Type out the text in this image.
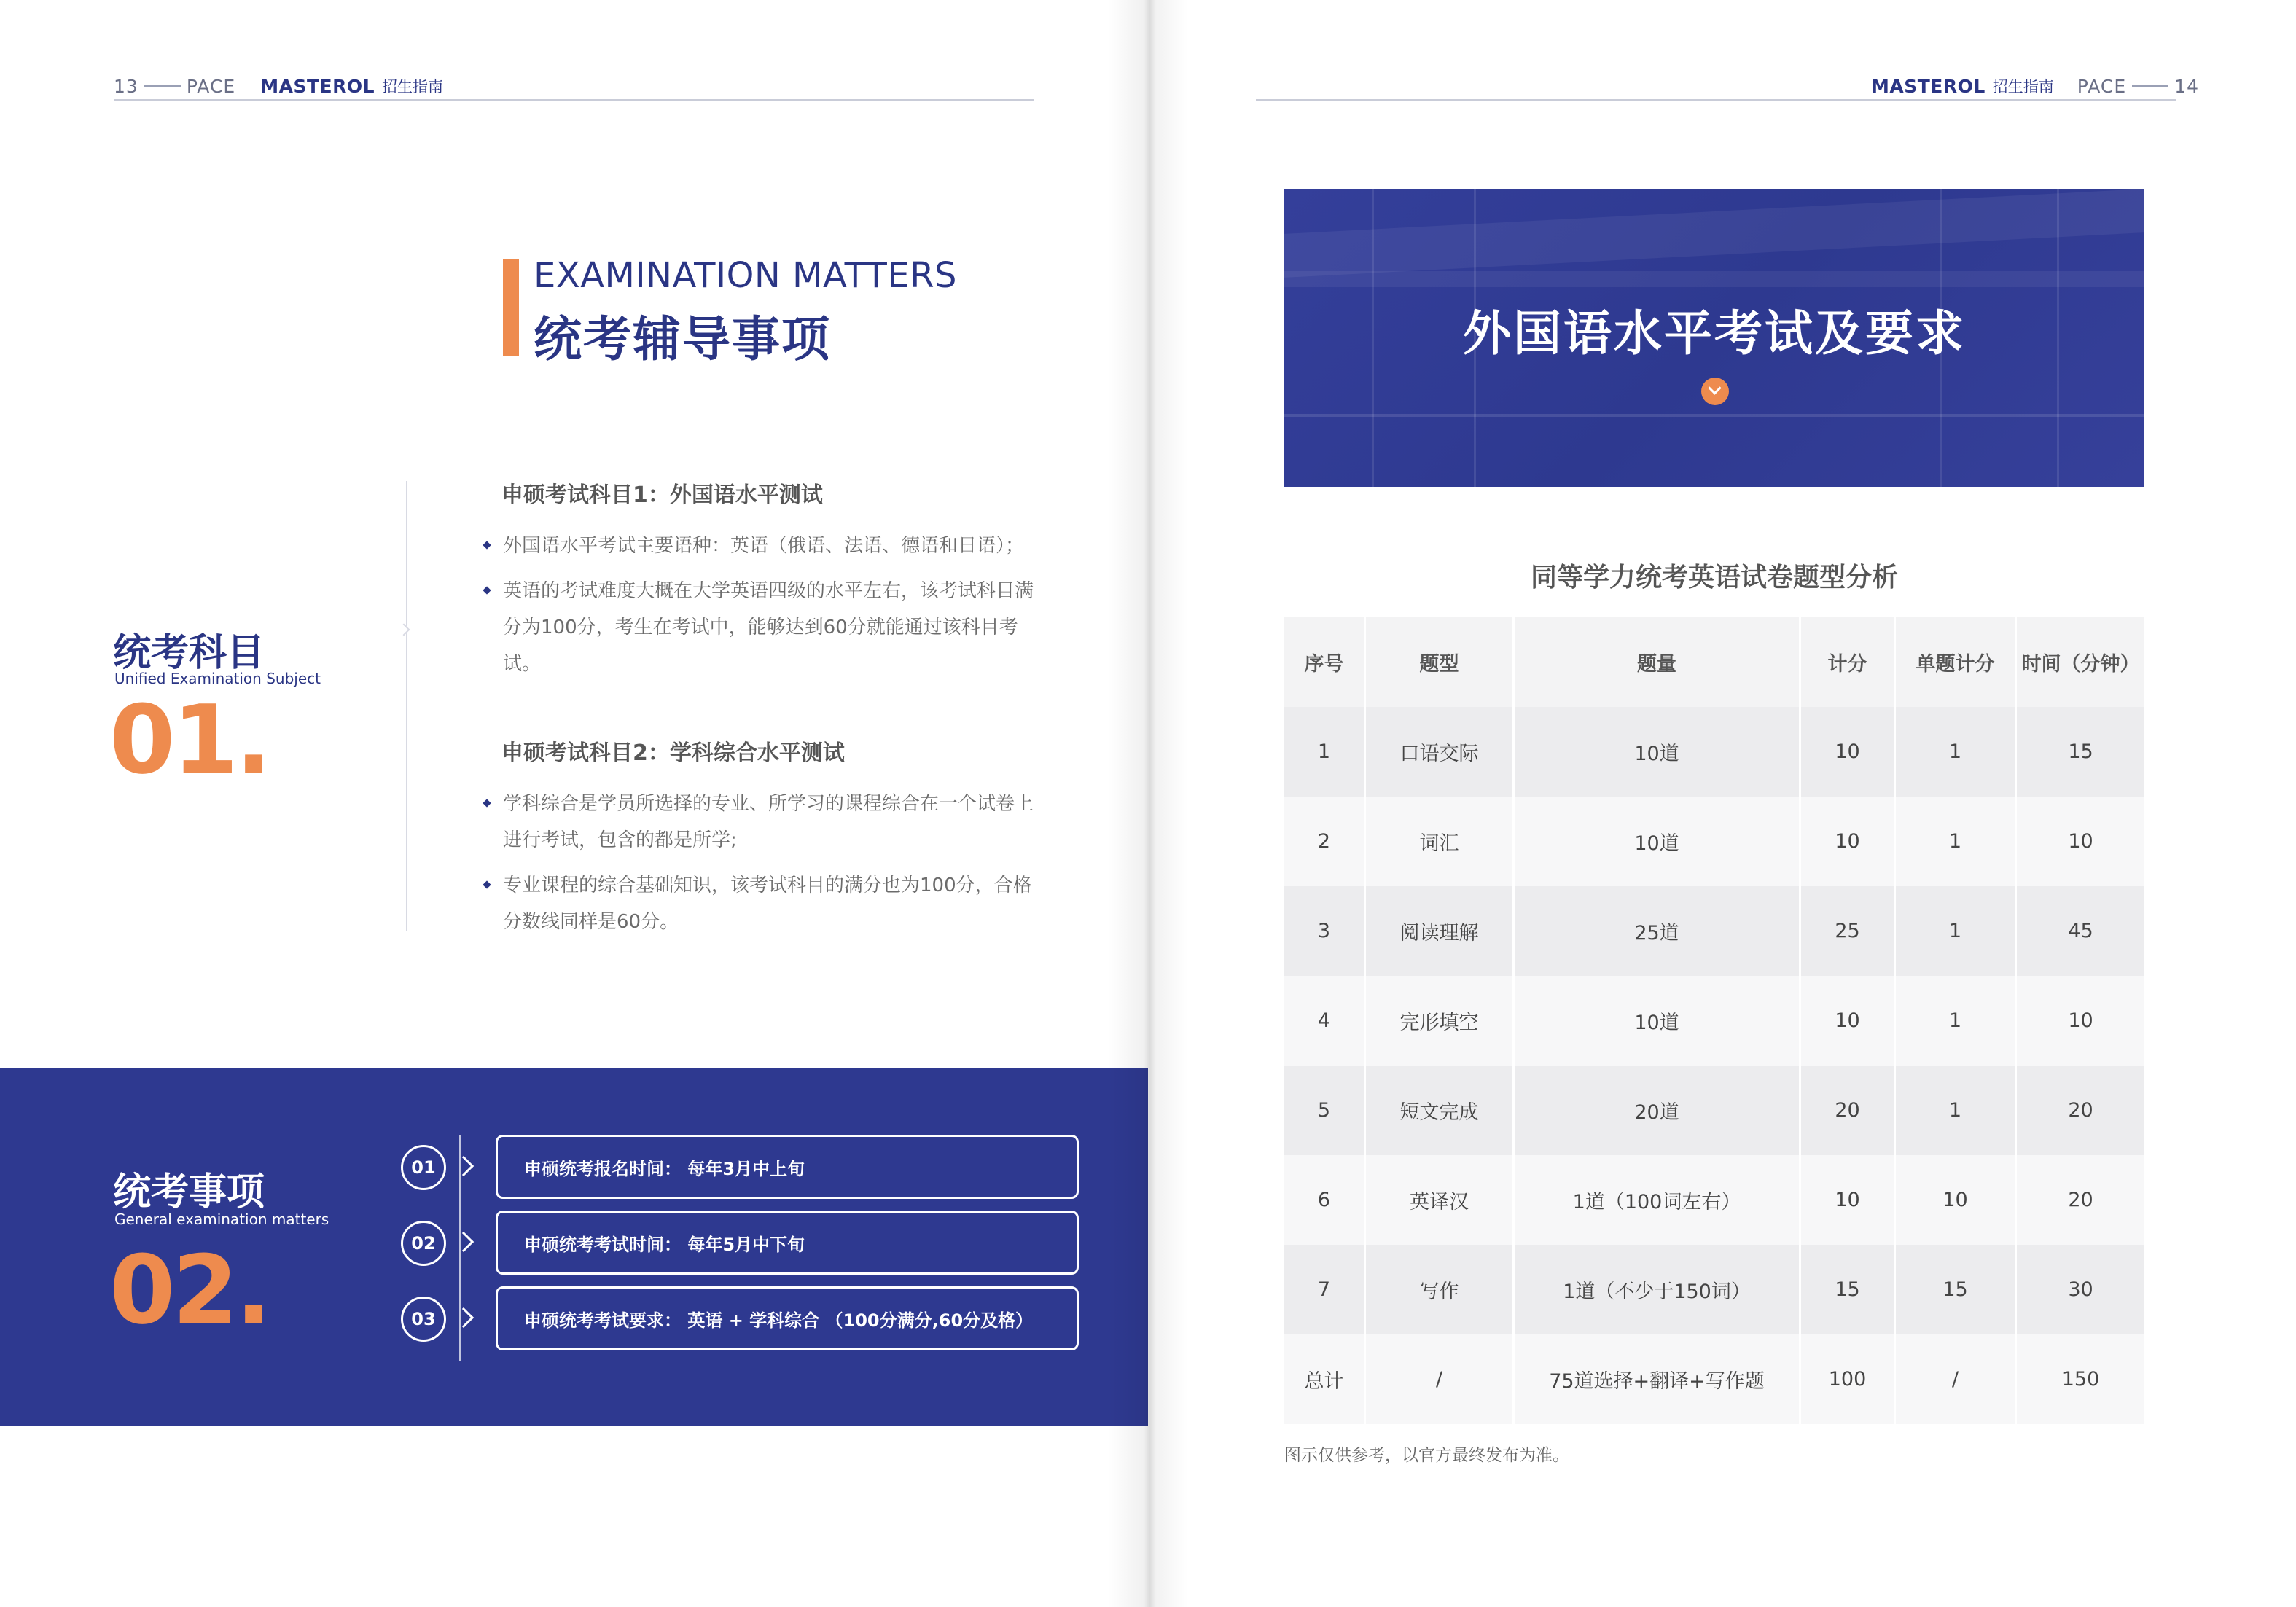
13	PACE MASTEROL 招生指南
EXAMINATION MATTERS
统考辅导事项
统考科目
Unified Examination Subject
01.
申硕考试科目1：外国语水平测试
外国语水平考试主要语种：英语（俄语、法语、德语和日语）；
英语的考试难度大概在大学英语四级的水平左右，该考试科目满分为100分，考生在考试中，能够达到60分就能通过该科目考试。
申硕考试科目2：学科综合水平测试
学科综合是学员所选择的专业、所学习的课程综合在一个试卷上进行考试，包含的都是所学;
专业课程的综合基础知识，该考试科目的满分也为100分，合格分数线同样是60分。
统考事项
General examination matters
02.
01	申硕统考报名时间： 每年3月中上旬
02	申硕统考考试时间： 每年5月中下旬
03	申硕统考考试要求： 英语 + 学科综合 （100分满分,60分及格）
MASTEROL 招生指南 PACE	14
外国语水平考试及要求
同等学力统考英语试卷题型分析
序号	题型	题量	计分	单题计分	时间（分钟）
1	口语交际	10道	10	1	15
2	词汇	10道	10	1	10
3	阅读理解	25道	25	1	45
4	完形填空	10道	10	1	10
5	短文完成	20道	20	1	20
6	英译汉	1道（100词左右）	10	10	20
7	写作	1道（不少于150词）	15	15	30
总计	/	75道选择+翻译+写作题	100	/	150
图示仅供参考，以官方最终发布为准。
